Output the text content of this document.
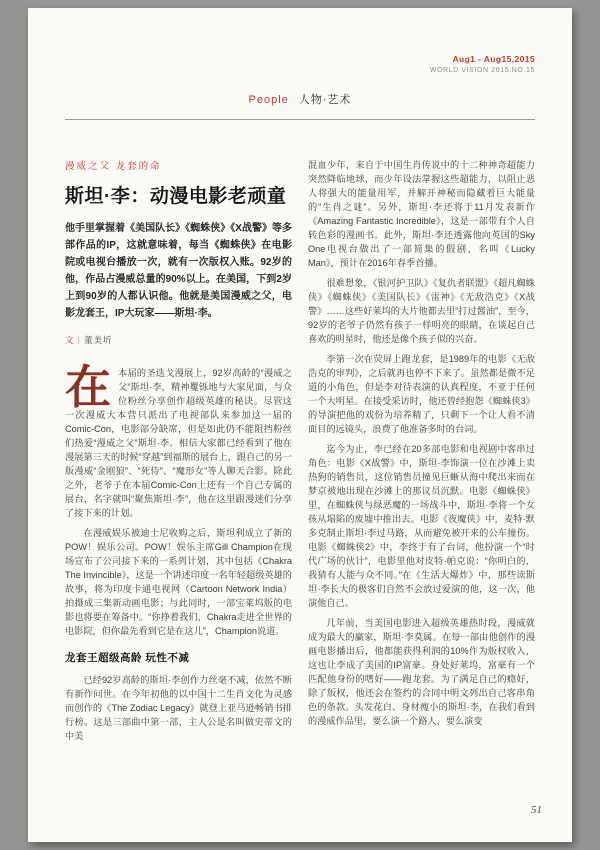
Aug1 - Aug15,2015
WORLD VISION 2015.NO.15
People 人物·艺术
漫威之父 龙套的命
斯坦·李：动漫电影老顽童

他手里掌握着《美国队长》《蜘蛛侠》《X战警》等多部作品的IP，这就意味着，每当《蜘蛛侠》在电影院或电视台播放一次，就有一次版权入账。92岁的他，作品占漫威总量的90%以上。在美国，下到2岁上到90岁的人都认识他。他就是美国漫威之父，电影龙套王，IP大玩家——斯坦·李。

文｜董美圻

在本届的圣迭戈漫展上，92岁高龄的“漫威之父”斯坦·李，精神矍铄地与大家见面，与众位粉丝分享创作超级英雄的秘诀。尽管这一次漫威大本营只派出了电视部队来参加这一届的Comic-Con，电影部分缺席，但是如此仍不能阻挡粉丝们热爱“漫威之父”斯坦·李。相信大家都已经看到了他在漫展第三天的时候“穿越”到福斯的展台上，跟自己的另一版漫威“金刚狼”、“死侍”、“魔形女”等人聊天合影。除此之外，老爷子在本届Comic-Con上还有一个自己专属的展台，名字就叫“聚焦斯坦·李”，他在这里跟漫迷们分享了接下来的计划。

在漫威娱乐被迪士尼收购之后，斯坦利成立了新的POW！娱乐公司。POW！娱乐主席Gill Champion在现场宣布了公司接下来的一系列计划，其中包括《Chakra The Invincible》，这是一个讲述印度一名年轻超级英雄的故事，将为印度卡通电视网（Cartoon Network India）拍摄成三集新动画电影；与此同时，一部宝莱坞版的电影也将要在筹备中。“你挣着我们，Chakra走进全世界的电影院，但你最先看到它是在这儿”，Champion说道。

龙套王超级高龄 玩性不减

已经92岁高龄的斯坦·李创作力丝毫不减，依然不断有新作问世。在今年初他的以中国十二生肖文化为灵感而创作的《The Zodiac Legacy》就登上亚马逊畅销书排行榜。这是三部曲中第一部，主人公是名叫做史蒂文的中美

混血少年，来自于中国生肖传说中的十二种神奇超能力突然降临地球，而少年设法掌握这些超能力，以阻止恶人将强大的能量用军，并解开神秘而隐藏着巨大能量的“生肖之谜”。另外，斯坦·李还将于11月发表新作《Amazing Fantastic Incredible》，这是一部带有个人自转色彩的漫画书。此外，斯坦·李还透露他向英国的Sky One电视台做出了一部简集的假剧，名叫《Lucky Man》，预计在2016年春季首播。

很难想象，《银河护卫队》《复仇者联盟》《超凡蜘蛛侠》《蜘蛛侠》《美国队长》《雷神》《无敌浩克》《X战警》……这些好莱坞的大片他都去里“打过酱油”，至今，92岁的老爷子仍然有孩子一样明亮的眼睛，在谈起自己喜欢的明星时，他还是像个孩子似的兴奋。

李第一次在荧屏上跑龙套，是1989年的电影《无敌浩克的审判》，之后就再也停不下来了。虽然都是微不足道的小角色，但是李对待表演的认真程度，不亚于任何一个大明星。在接受采访时，他还曾经抱怨《蜘蛛侠3》的导演把他的戏份为培养精了，只剩下一个让人看不清面目的远镜头，浪费了他准备多时的台词。

迄今为止，李已经在20多部电影和电视剧中客串过角色：电影《X战警》中，斯坦·李饰演一位在沙滩上卖热狗的销售员，这位销售员撞见巨蜥从海中爬出来而在梦京被地出现在沙滩上的那议员沉默。电影《蜘蛛侠》里，在蜘蛛侠与绿恶魔的一场战斗中，斯坦·李将一个女孩从塌陷的废墟中推出去。电影《夜魔侠》中，麦特·默多克制止斯坦·李过马路，从而避免被开来的公车撞伤。电影《蜘蛛侠2》中，李终于有了台词，他扮演一个“时代广场的伙计”，电影里他对皮特·帕克说：“你明白的，我猜有人能与众不同。”在《生活大爆炸》中，那些读斯坦·李长大的极客们自然不会放过爱演的他，这一次，他演他自己。

几年前，当美国电影进入超级英雄热时段，漫威就成为最大的赢家，斯坦·李莫属。在每一部由他创作的漫画电影播出后，他都能获得利润的10%作为版权收入，这也让李成了美国的IP富豪。身处好莱坞，富豪有一个匹配他身份的嗜好——跑龙套。为了满足自己的瘾好，除了版权，他还会在签约的合同中明文列出自己客串角色的条款。头发花白、身材瘦小的斯坦·李，在我们看到的漫威作品里，要么演一个路人，要么演变

51
